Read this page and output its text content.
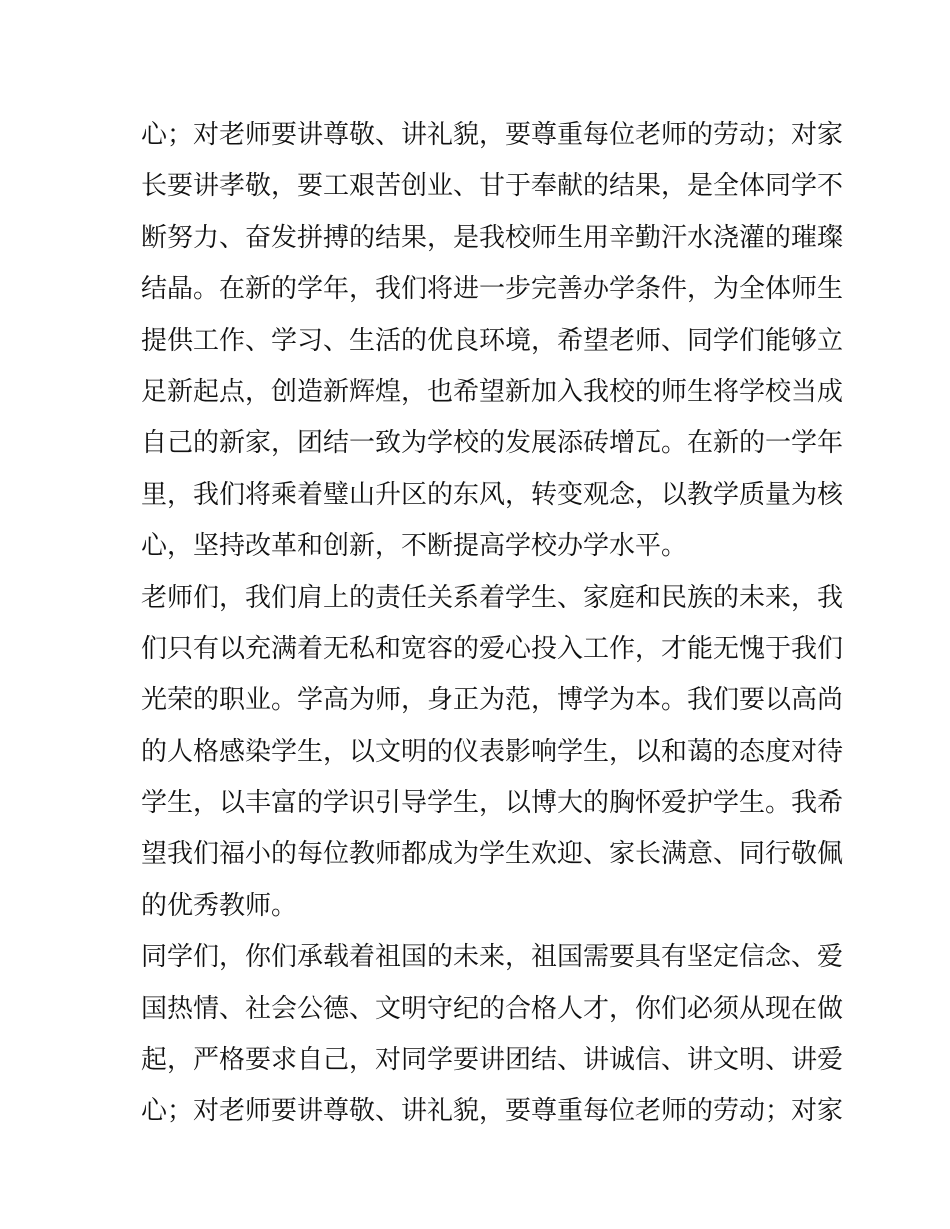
心；对老师要讲尊敬、讲礼貌，要尊重每位老师的劳动；对家
长要讲孝敬，要工艰苦创业、甘于奉献的结果，是全体同学不
断努力、奋发拼搏的结果，是我校师生用辛勤汗水浇灌的璀璨
结晶。在新的学年，我们将进一步完善办学条件，为全体师生
提供工作、学习、生活的优良环境，希望老师、同学们能够立
足新起点，创造新辉煌，也希望新加入我校的师生将学校当成
自己的新家，团结一致为学校的发展添砖增瓦。在新的一学年
里，我们将乘着璧山升区的东风，转变观念，以教学质量为核
心，坚持改革和创新，不断提高学校办学水平。
老师们，我们肩上的责任关系着学生、家庭和民族的未来，我
们只有以充满着无私和宽容的爱心投入工作，才能无愧于我们
光荣的职业。学高为师，身正为范，博学为本。我们要以高尚
的人格感染学生，以文明的仪表影响学生，以和蔼的态度对待
学生，以丰富的学识引导学生，以博大的胸怀爱护学生。我希
望我们福小的每位教师都成为学生欢迎、家长满意、同行敬佩
的优秀教师。
同学们，你们承载着祖国的未来，祖国需要具有坚定信念、爱
国热情、社会公德、文明守纪的合格人才，你们必须从现在做
起，严格要求自己，对同学要讲团结、讲诚信、讲文明、讲爱
心；对老师要讲尊敬、讲礼貌，要尊重每位老师的劳动；对家
